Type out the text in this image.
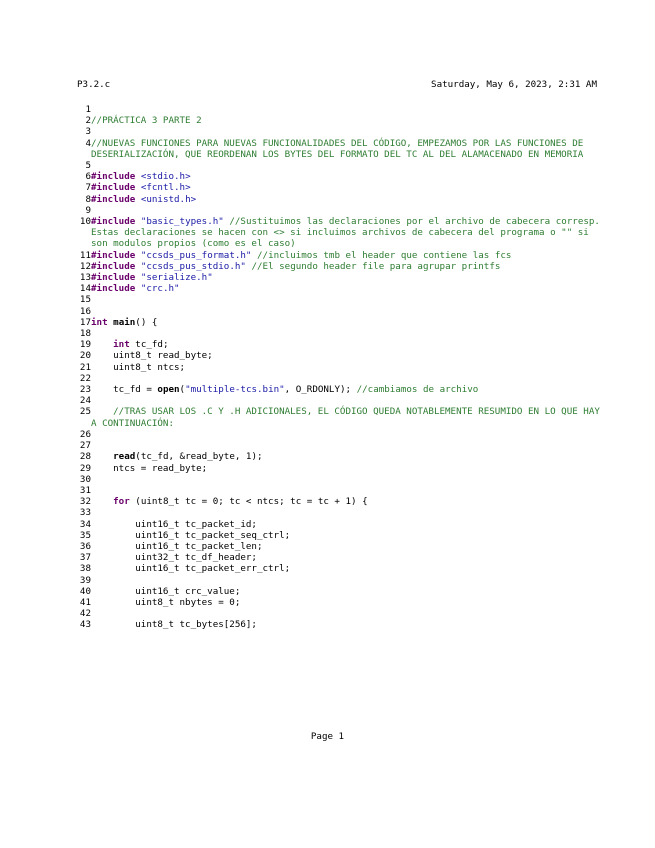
P3.2.c	Saturday, May 6, 2023, 2:31 AM
1
2 //PRÁCTICA 3 PARTE 2
3
4 //NUEVAS FUNCIONES PARA NUEVAS FUNCIONALIDADES DEL CÓDIGO, EMPEZAMOS POR LAS FUNCIONES DE DESERIALIZACIÓN, QUE REORDENAN LOS BYTES DEL FORMATO DEL TC AL DEL ALAMACENADO EN MEMORIA
5
6 #include <stdio.h>
7 #include <fcntl.h>
8 #include <unistd.h>
9
10 #include "basic_types.h" //Sustituimos las declaraciones por el archivo de cabecera corresp. Estas declaraciones se hacen con <> si incluimos archivos de cabecera del programa o "" si son modulos propios (como es el caso)
11 #include "ccsds_pus_format.h" //incluimos tmb el header que contiene las fcs
12 #include "ccsds_pus_stdio.h" //El segundo header file para agrupar printfs
13 #include "serialize.h"
14 #include "crc.h"
15
16
17 int main() {
18
19	int tc_fd;
20	uint8_t read_byte;
21	uint8_t ntcs;
22
23	tc_fd = open("multiple-tcs.bin", O_RDONLY); //cambiamos de archivo
24
25	//TRAS USAR LOS .C Y .H ADICIONALES, EL CÓDIGO QUEDA NOTABLEMENTE RESUMIDO EN LO QUE HAY A CONTINUACIÓN:
26
27
28	read(tc_fd, &read_byte, 1);
29	ntcs = read_byte;
30
31
32	for (uint8_t tc = 0; tc < ntcs; tc = tc + 1) {
33
34	uint16_t tc_packet_id;
35	uint16_t tc_packet_seq_ctrl;
36	uint16_t tc_packet_len;
37	uint32_t tc_df_header;
38	uint16_t tc_packet_err_ctrl;
39
40	uint16_t crc_value;
41	uint8_t nbytes = 0;
42
43	uint8_t tc_bytes[256];
Page 1
